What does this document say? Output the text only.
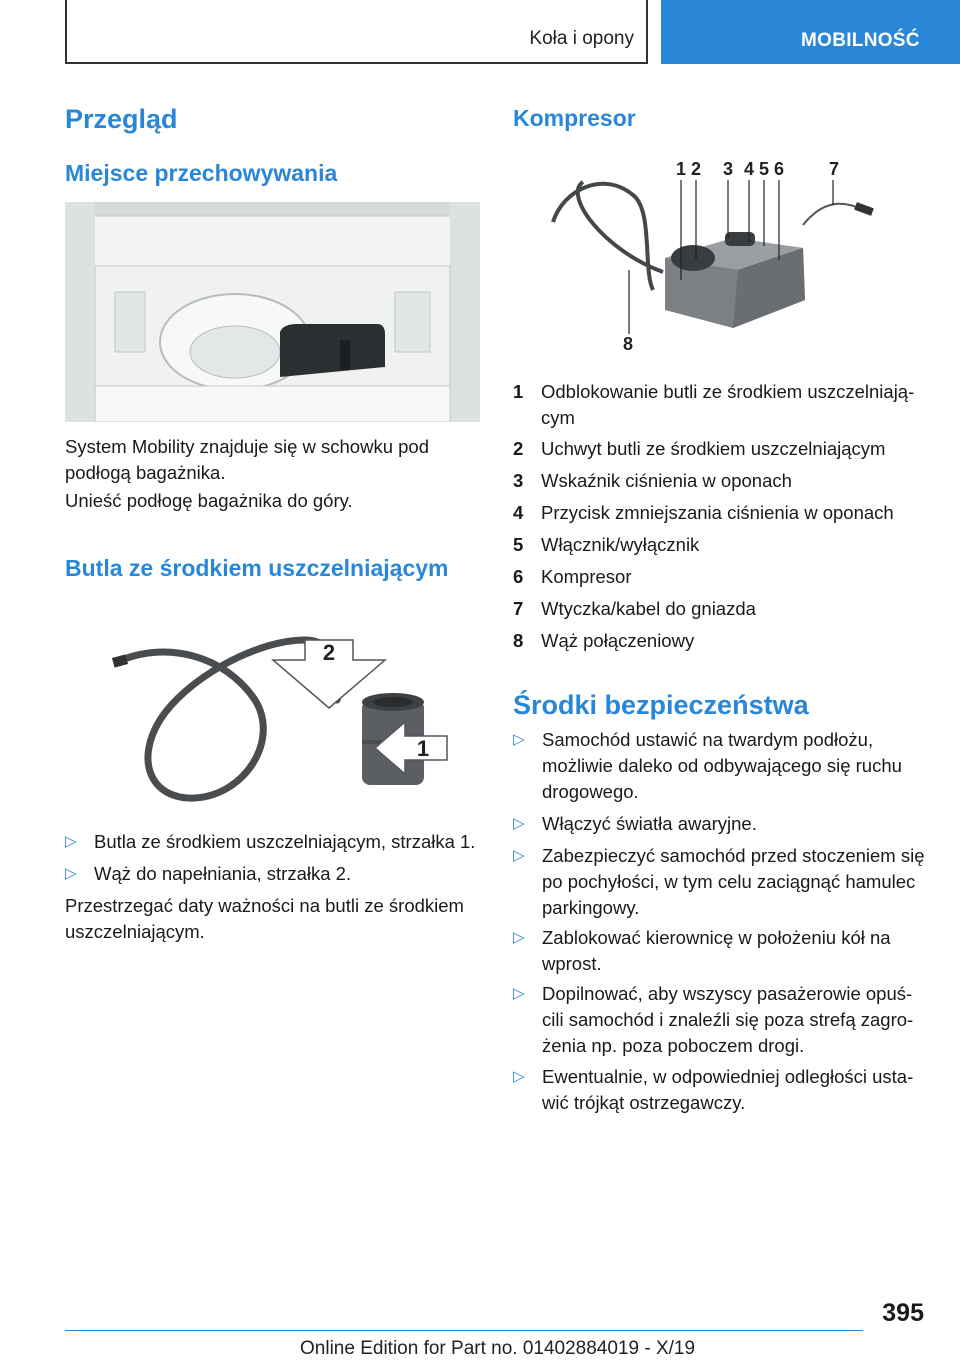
Koła i opony	MOBILNOŚĆ
Przegląd
Miejsce przechowywania

System Mobility znajduje się w schowku pod podłogą bagażnika.

Unieść podłogę bagażnika do góry.

Butla ze środkiem uszczelniającym
2
1
▷ Butla ze środkiem uszczelniającym, strzałka 1.
▷ Wąż do napełniania, strzałka 2.

Przestrzegać daty ważności na butli ze środkiem uszczelniającym.

Kompresor
1 2 3 4 5 6 7
8
1 Odblokowanie butli ze środkiem uszczelniającym
2 Uchwyt butli ze środkiem uszczelniającym
3 Wskaźnik ciśnienia w oponach
4 Przycisk zmniejszania ciśnienia w oponach
5 Włącznik/wyłącznik
6 Kompresor
7 Wtyczka/kabel do gniazda
8 Wąż połączeniowy
Środki bezpieczeństwa
▷ Samochód ustawić na twardym podłożu, możliwie daleko od odbywającego się ruchu drogowego.
▷ Włączyć światła awaryjne.
▷ Zabezpieczyć samochód przed stoczeniem się po pochyłości, w tym celu zaciągnąć hamulec parkingowy.
▷ Zablokować kierownicę w położeniu kół na wprost.
▷ Dopilnować, aby wszyscy pasażerowie opuścili samochód i znaleźli się poza strefą zagrożenia np. poza poboczem drogi.
▷ Ewentualnie, w odpowiedniej odległości ustawić trójkąt ostrzegawczy.
395
Online Edition for Part no. 01402884019 - X/19
